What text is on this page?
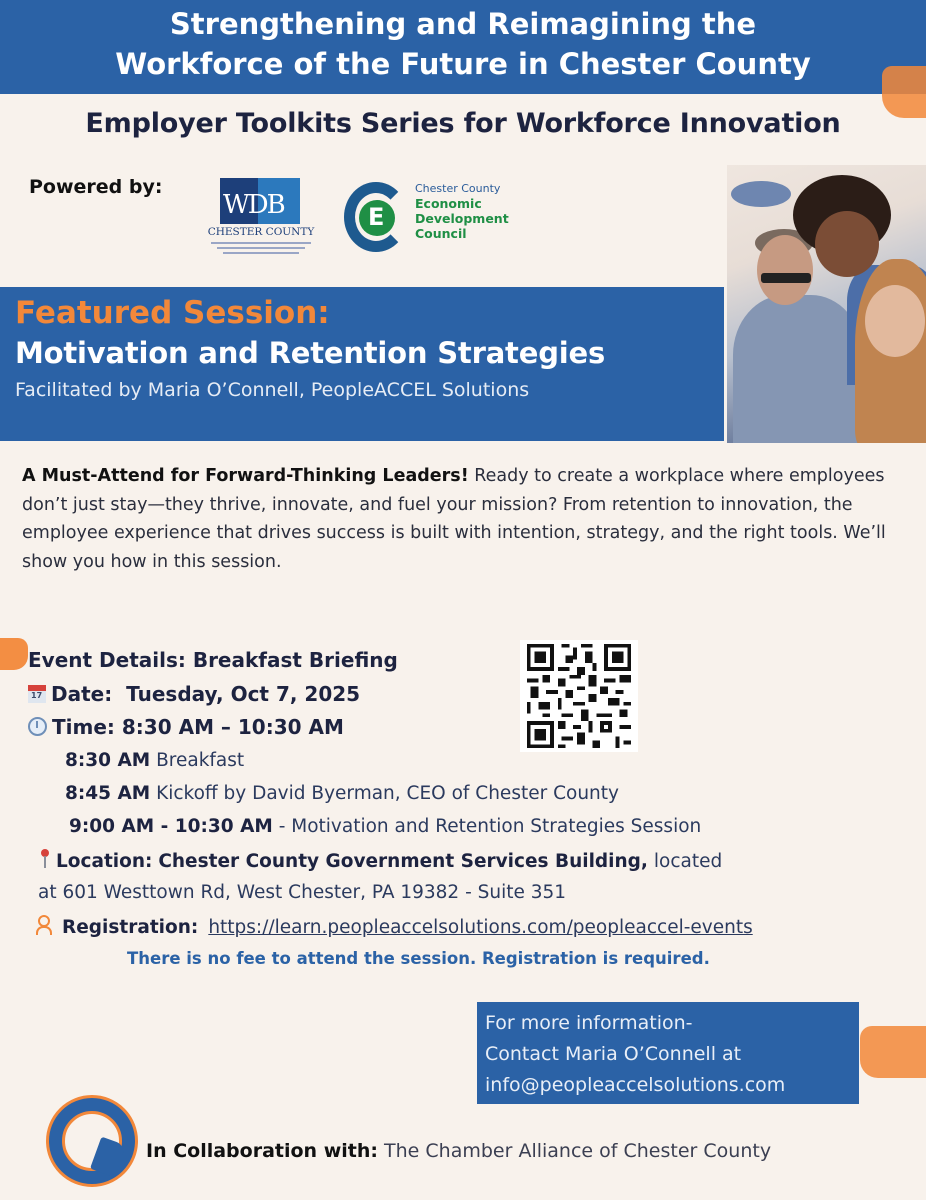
Strengthening and Reimagining the
Workforce of the Future in Chester County
Employer Toolkits Series for Workforce Innovation
Powered by:
WDB
CHESTER COUNTY
E
Chester County
Economic
Development
Council
Featured Session:
Motivation and Retention Strategies
Facilitated by Maria O’Connell, PeopleACCEL Solutions
A Must-Attend for Forward-Thinking Leaders! Ready to create a workplace where employees don’t just stay—they thrive, innovate, and fuel your mission? From retention to innovation, the employee experience that drives success is built with intention, strategy, and the right tools. We’ll show you how in this session.
Event Details: Breakfast Briefing
17Date: Tuesday, Oct 7, 2025
Time: 8:30 AM – 10:30 AM
8:30 AM Breakfast
8:45 AM Kickoff by David Byerman, CEO of Chester County
9:00 AM - 10:30 AM - Motivation and Retention Strategies Session
Location: Chester County Government Services Building, located
at 601 Westtown Rd, West Chester, PA 19382 - Suite 351
Registration: https://learn.peopleaccelsolutions.com/peopleaccel-events
There is no fee to attend the session. Registration is required.
For more information-
Contact Maria O’Connell at
info@peopleaccelsolutions.com
In Collaboration with: The Chamber Alliance of Chester County
